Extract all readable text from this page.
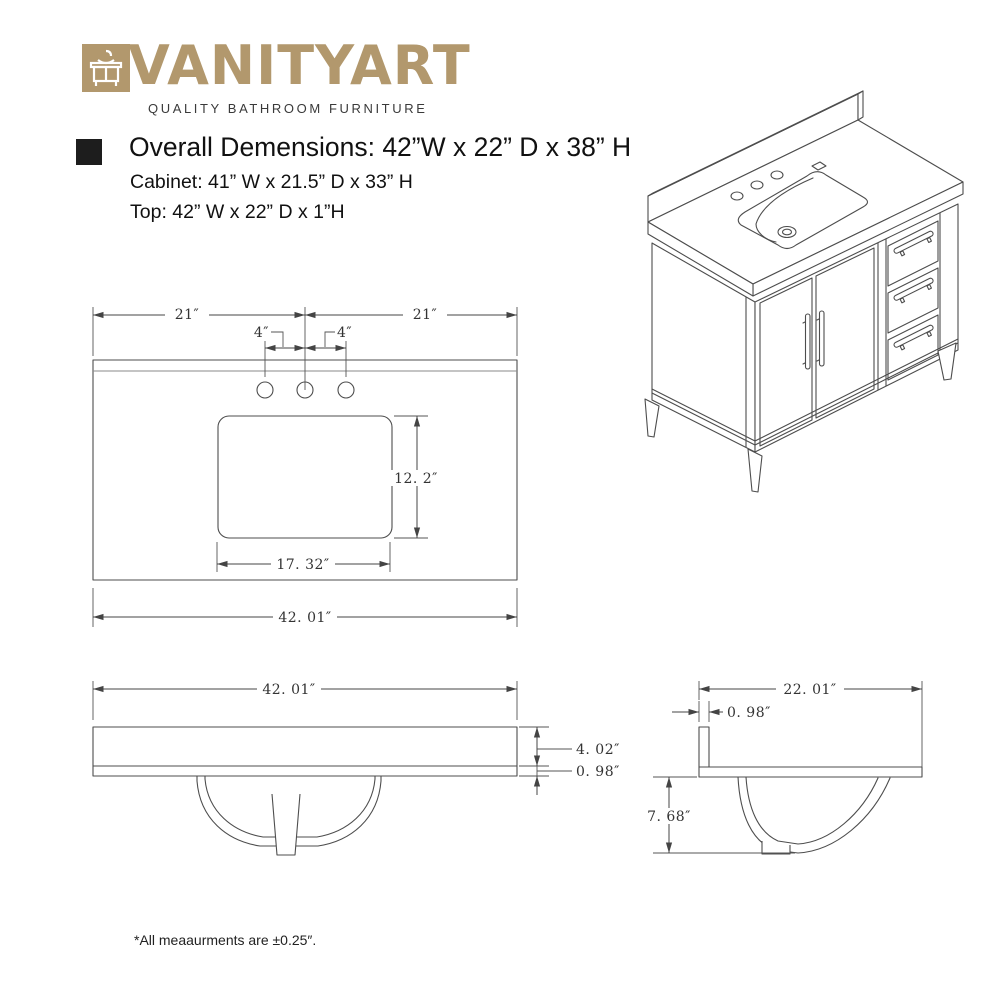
VANITYART
QUALITY BATHROOM FURNITURE
Overall Demensions: 42”W x 22” D x 38” H
Cabinet: 41” W x 21.5” D x 33” H
Top: 42” W x 22” D x 1”H
21″	21″
4″	4″
12. 2″
17. 32″
42. 01″
42. 01″
4. 02″
0. 98″
22. 01″
0. 98″
7. 68″
*All meaaurments are ±0.25″.
